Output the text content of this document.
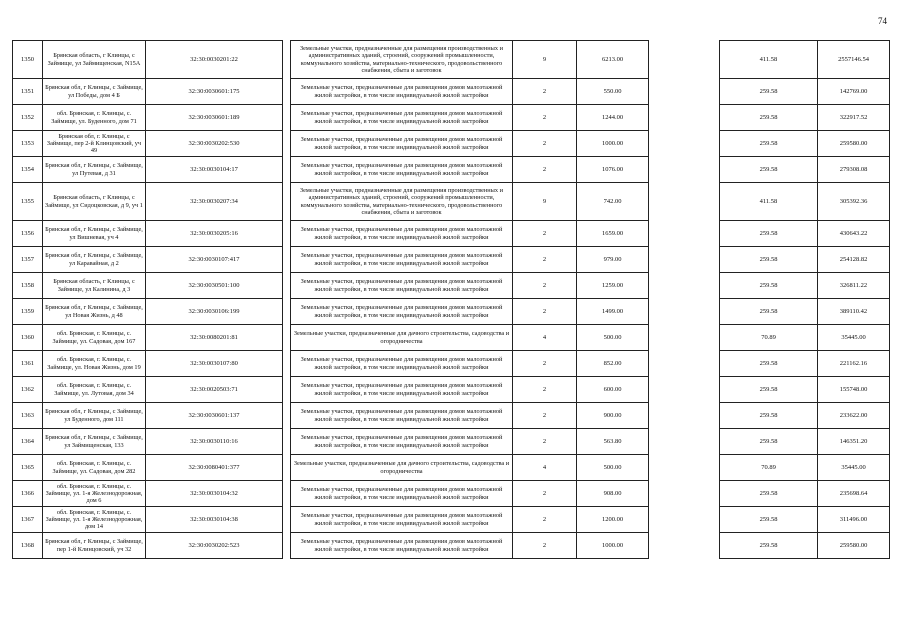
74
1350	Брянская область, г Клинцы, с Займище, ул Займищенская, N15А	32:30:0030201:22		Земельные участки, предназначенные для размещения производственных и административных зданий, строений, сооружений промышленности, коммунального хозяйства, материально-технического, продовольственного снабжения, сбыта и заготовок	9	6213.00		411.58	2557146.54
1351	Брянская обл, г Клинцы, с Займище, ул Победы, дом 4 Б	32:30:0030601:175		Земельные участки, предназначенные для размещения домов малоэтажной жилой застройки, в том числе индивидуальной жилой застройки	2	550.00		259.58	142769.00
1352	обл. Брянская, г. Клинцы, с. Займище, ул. Буденного, дом 71	32:30:0030601:189		Земельные участки, предназначенные для размещения домов малоэтажной жилой застройки, в том числе индивидуальной жилой застройки	2	1244.00		259.58	322917.52
1353	Брянская обл, г. Клинцы, с Займище, пер 2-й Клинцовский, уч 49	32:30:0030202:530		Земельные участки, предназначенные для размещения домов малоэтажной жилой застройки, в том числе индивидуальной жилой застройки	2	1000.00		259.58	259580.00
1354	Брянская обл, г Клинцы, с Займище, ул Путевая, д 31	32:30:0030104:17		Земельные участки, предназначенные для размещения домов малоэтажной жилой застройки, в том числе индивидуальной жилой застройки	2	1076.00		259.58	279308.08
1355	Брянская область, г Клинцы, с Займище, ул Сидоцковская, д 9, уч 1	32:30:0030207:34		Земельные участки, предназначенные для размещения производственных и административных зданий, строений, сооружений промышленности, коммунального хозяйства, материально-технического, продовольственного снабжения, сбыта и заготовок	9	742.00		411.58	305392.36
1356	Брянская обл, г Клинцы, с Займище, ул Вишневая, уч 4	32:30:0030205:16		Земельные участки, предназначенные для размещения домов малоэтажной жилой застройки, в том числе индивидуальной жилой застройки	2	1659.00		259.58	430643.22
1357	Брянская обл, г Клинцы, с Займище, ул Каравайная, д 2	32:30:0030107:417		Земельные участки, предназначенные для размещения домов малоэтажной жилой застройки, в том числе индивидуальной жилой застройки	2	979.00		259.58	254128.82
1358	Брянская область, г Клинцы, с Займище, ул Калинина, д 3	32:30:0030501:100		Земельные участки, предназначенные для размещения домов малоэтажной жилой застройки, в том числе индивидуальной жилой застройки	2	1259.00		259.58	326811.22
1359	Брянская обл, г Клинцы, с Займище, ул Новая Жизнь, д 48	32:30:0030106:199		Земельные участки, предназначенные для размещения домов малоэтажной жилой застройки, в том числе индивидуальной жилой застройки	2	1499.00		259.58	389110.42
1360	обл. Брянская, г. Клинцы, с. Займище, ул. Садовая, дом 167	32:30:0080201:81		Земельные участки, предназначенные для дачного строительства, садоводства и огородничества	4	500.00		70.89	35445.00
1361	обл. Брянская, г. Клинцы, с. Займище, ул. Новая Жизнь, дом 19	32:30:0030107:80		Земельные участки, предназначенные для размещения домов малоэтажной жилой застройки, в том числе индивидуальной жилой застройки	2	852.00		259.58	221162.16
1362	обл. Брянская, г. Клинцы, с. Займище, ул. Лутовая, дом 34	32:30:0020503:71		Земельные участки, предназначенные для размещения домов малоэтажной жилой застройки, в том числе индивидуальной жилой застройки	2	600.00		259.58	155748.00
1363	Брянская обл, г Клинцы, с Займище, ул Буденного, дом 111	32:30:0030601:137		Земельные участки, предназначенные для размещения домов малоэтажной жилой застройки, в том числе индивидуальной жилой застройки	2	900.00		259.58	233622.00
1364	Брянская обл, г Клинцы, с Займище, ул Займищенская, 133	32:30:0030110:16		Земельные участки, предназначенные для размещения домов малоэтажной жилой застройки, в том числе индивидуальной жилой застройки	2	563.80		259.58	146351.20
1365	обл. Брянская, г. Клинцы, с. Займище, ул. Садовая, дом 282	32:30:0080401:377		Земельные участки, предназначенные для дачного строительства, садоводства и огородничества	4	500.00		70.89	35445.00
1366	обл. Брянская, г. Клинцы, с. Займище, ул. 1-я Железнодорожная, дом 6	32:30:0030104:32		Земельные участки, предназначенные для размещения домов малоэтажной жилой застройки, в том числе индивидуальной жилой застройки	2	908.00		259.58	235698.64
1367	обл. Брянская, г. Клинцы, с. Займище, ул. 1-я Железнодорожная, дом 14	32:30:0030104:38		Земельные участки, предназначенные для размещения домов малоэтажной жилой застройки, в том числе индивидуальной жилой застройки	2	1200.00		259.58	311496.00
1368	Брянская обл, г Клинцы, с Займище, пер 1-й Клинцовский, уч 32	32:30:0030202:523		Земельные участки, предназначенные для размещения домов малоэтажной жилой застройки, в том числе индивидуальной жилой застройки	2	1000.00		259.58	259580.00
